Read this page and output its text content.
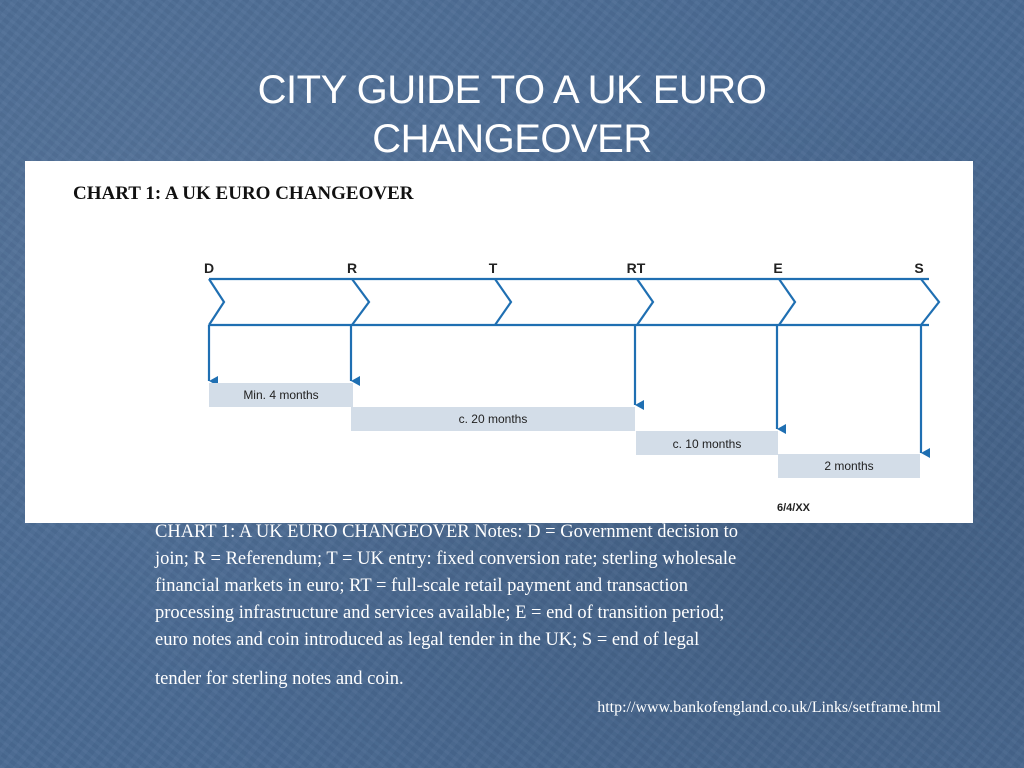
CITY GUIDE TO A UK EURO
CHANGEOVER
CHART 1: A UK EURO CHANGEOVER
D	R	T	RT	E	S
Min. 4 months
c. 20 months
c. 10 months
2 months
6/4/XX
CHART 1: A UK EURO CHANGEOVER Notes: D = Government decision to
join; R = Referendum; T = UK entry: fixed conversion rate; sterling wholesale
financial markets in euro; RT = full-scale retail payment and transaction
processing infrastructure and services available; E = end of transition period;
euro notes and coin introduced as legal tender in the UK; S = end of legal
tender for sterling notes and coin.
http://www.bankofengland.co.uk/Links/setframe.html
